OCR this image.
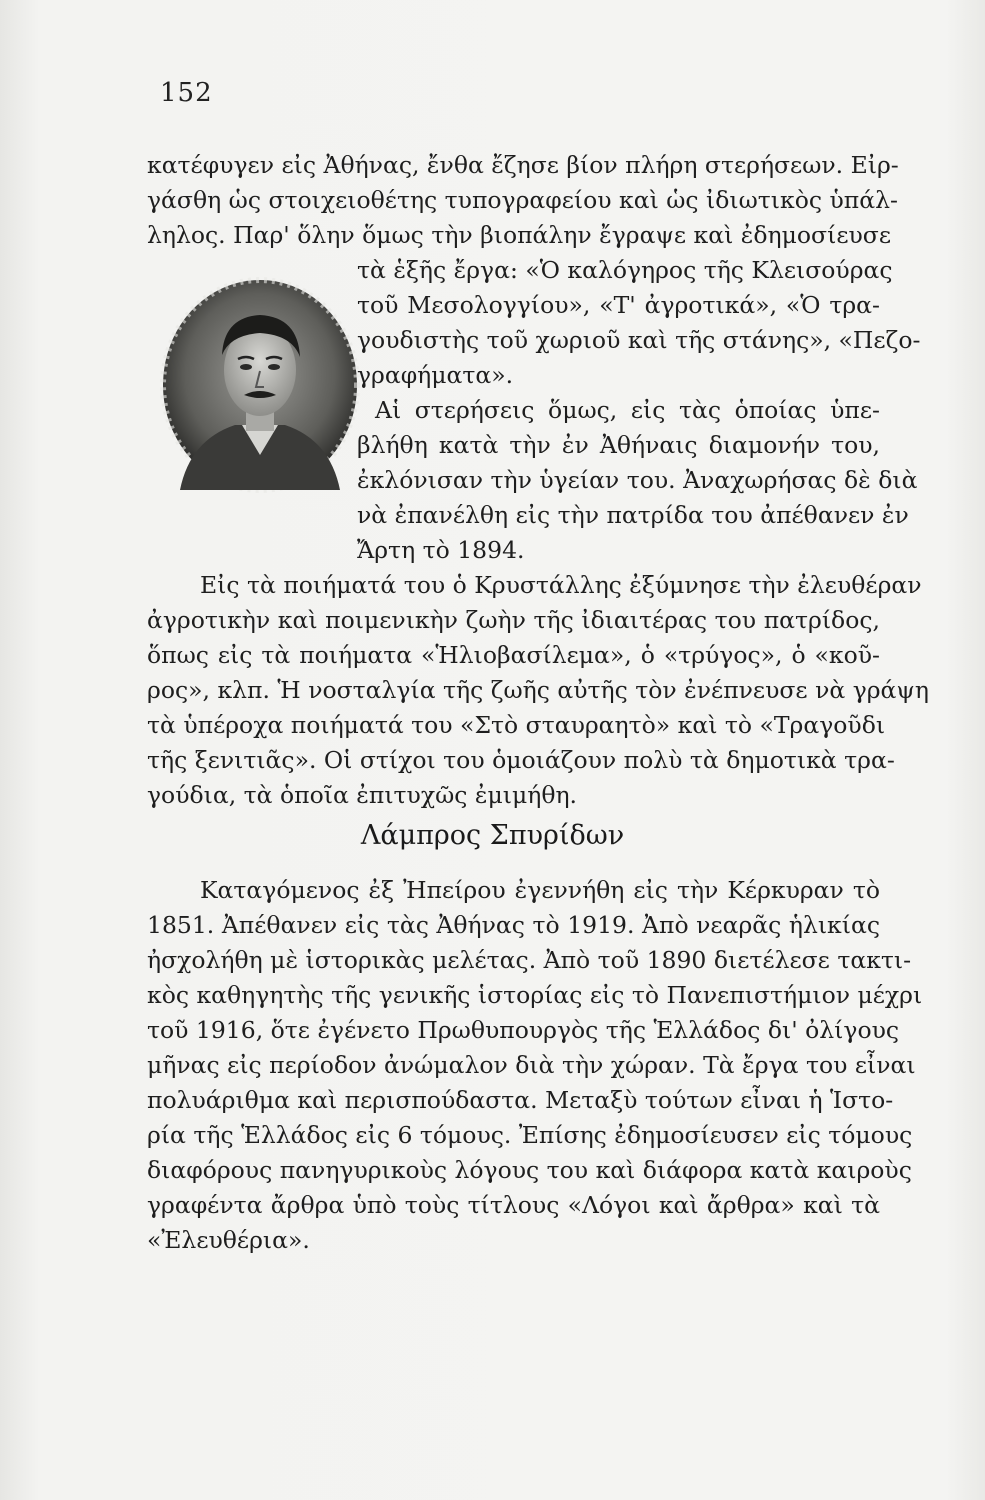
152
κατέφυγεν εἰς Ἀθήνας, ἔνθα ἔζησε βίον πλήρη στερήσεων. Εἰρ-
γάσθη ὡς στοιχειοθέτης τυπογραφείου καὶ ὡς ἰδιωτικὸς ὑπάλ-
ληλος. Παρ' ὅλην ὅμως τὴν βιοπάλην ἔγραψε καὶ ἐδημοσίευσε
τὰ ἑξῆς ἔργα: «Ὁ καλόγηρος τῆς Κλεισούρας
τοῦ Μεσολογγίου», «Τ' ἀγροτικά», «Ὁ τρα-
γουδιστὴς τοῦ χωριοῦ καὶ τῆς στάνης», «Πεζο-
γραφήματα».
Αἱ στερήσεις ὅμως, εἰς τὰς ὁποίας ὑπε-
βλήθη κατὰ τὴν ἐν Ἀθήναις διαμονήν του,
ἐκλόνισαν τὴν ὑγείαν του. Ἀναχωρήσας δὲ διὰ
νὰ ἐπανέλθη εἰς τὴν πατρίδα του ἀπέθανεν ἐν
Ἄρτη τὸ 1894.
Εἰς τὰ ποιήματά του ὁ Κρυστάλλης ἐξύμνησε τὴν ἐλευθέραν
ἀγροτικὴν καὶ ποιμενικὴν ζωὴν τῆς ἰδιαιτέρας του πατρίδος,
ὅπως εἰς τὰ ποιήματα «Ἡλιοβασίλεμα», ὁ «τρύγος», ὁ «κοῦ-
ρος», κλπ. Ἡ νοσταλγία τῆς ζωῆς αὐτῆς τὸν ἐνέπνευσε νὰ γράψη
τὰ ὑπέροχα ποιήματά του «Στὸ σταυραητὸ» καὶ τὸ «Τραγοῦδι
τῆς ξενιτιᾶς». Οἱ στίχοι του ὁμοιάζουν πολὺ τὰ δημοτικὰ τρα-
γούδια, τὰ ὁποῖα ἐπιτυχῶς ἐμιμήθη.
Λάμπρος Σπυρίδων
Καταγόμενος ἐξ Ἠπείρου ἐγεννήθη εἰς τὴν Κέρκυραν τὸ
1851. Ἀπέθανεν εἰς τὰς Ἀθήνας τὸ 1919. Ἀπὸ νεαρᾶς ἡλικίας
ἠσχολήθη μὲ ἱστορικὰς μελέτας. Ἀπὸ τοῦ 1890 διετέλεσε τακτι-
κὸς καθηγητὴς τῆς γενικῆς ἱστορίας εἰς τὸ Πανεπιστήμιον μέχρι
τοῦ 1916, ὅτε ἐγένετο Πρωθυπουργὸς τῆς Ἑλλάδος δι' ὀλίγους
μῆνας εἰς περίοδον ἀνώμαλον διὰ τὴν χώραν. Τὰ ἔργα του εἶναι
πολυάριθμα καὶ περισπούδαστα. Μεταξὺ τούτων εἶναι ἡ Ἱστο-
ρία τῆς Ἑλλάδος εἰς 6 τόμους. Ἐπίσης ἐδημοσίευσεν εἰς τόμους
διαφόρους πανηγυρικοὺς λόγους του καὶ διάφορα κατὰ καιροὺς
γραφέντα ἄρθρα ὑπὸ τοὺς τίτλους «Λόγοι καὶ ἄρθρα» καὶ τὰ
«Ἐλευθέρια».
